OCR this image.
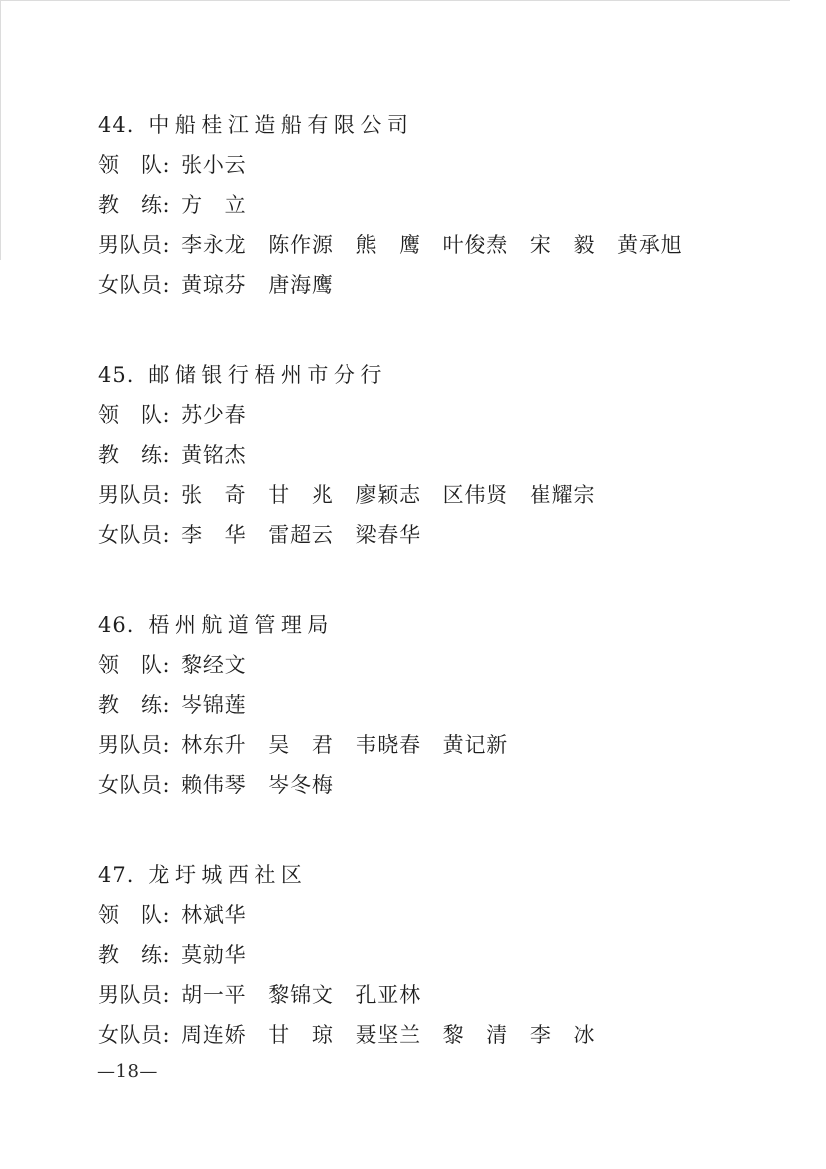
44. 中船桂江造船有限公司
领　队: 张小云
教　练: 方　立
男队员: 李永龙　陈作源　熊　鹰　叶俊焘　宋　毅　黄承旭
女队员: 黄琼芬　唐海鹰
45. 邮储银行梧州市分行
领　队: 苏少春
教　练: 黄铭杰
男队员: 张　奇　甘　兆　廖颖志　区伟贤　崔耀宗
女队员: 李　华　雷超云　梁春华
46. 梧州航道管理局
领　队: 黎经文
教　练: 岑锦莲
男队员: 林东升　吴　君　韦晓春　黄记新
女队员: 赖伟琴　岑冬梅
47. 龙圩城西社区
领　队: 林斌华
教　练: 莫勍华
男队员: 胡一平　黎锦文　孔亚林
女队员: 周连娇　甘　琼　聂坚兰　黎　清　李　冰
—18—
